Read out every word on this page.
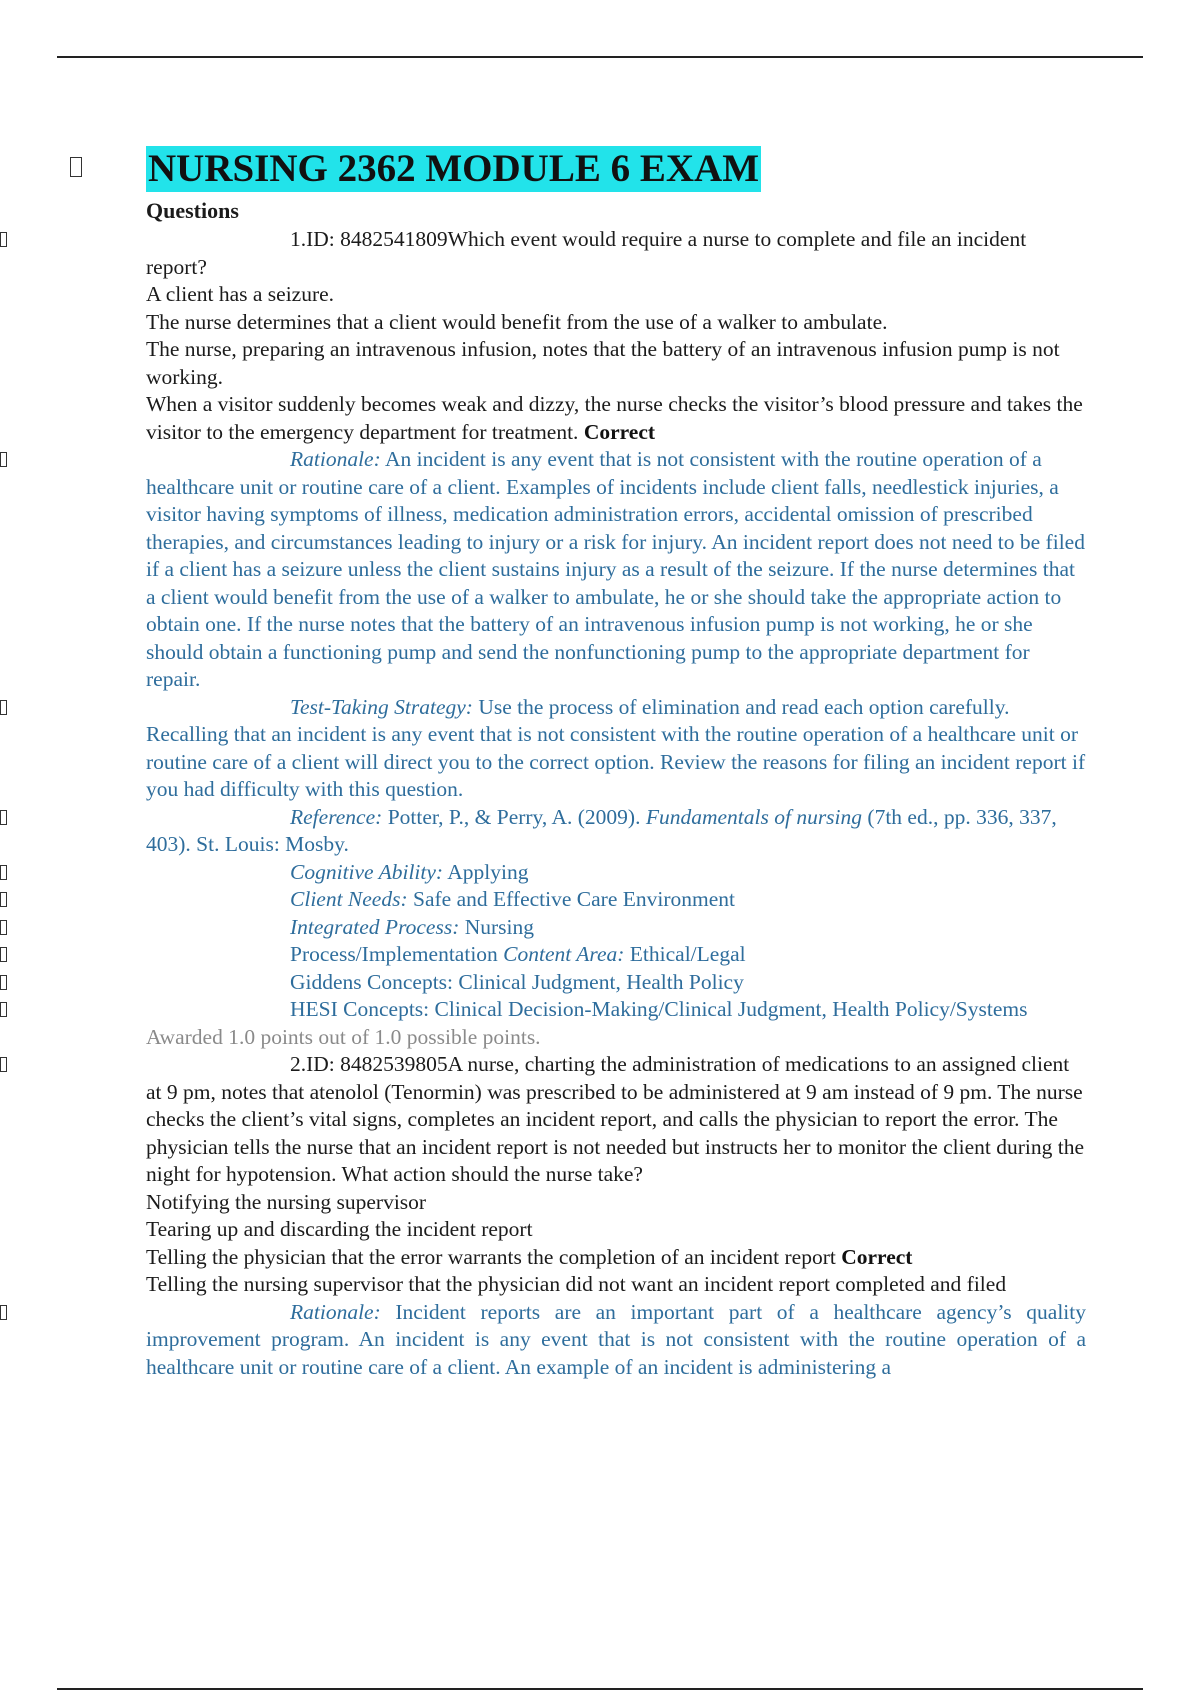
NURSING 2362 MODULE 6 EXAM
Questions

1.ID: 8482541809Which event would require a nurse to complete and file an incident report?

A client has a seizure.

The nurse determines that a client would benefit from the use of a walker to ambulate.

The nurse, preparing an intravenous infusion, notes that the battery of an intravenous infusion pump is not working.

When a visitor suddenly becomes weak and dizzy, the nurse checks the visitor’s blood pressure and takes the visitor to the emergency department for treatment. Correct

Rationale: An incident is any event that is not consistent with the routine operation of a healthcare unit or routine care of a client. Examples of incidents include client falls, needlestick injuries, a visitor having symptoms of illness, medication administration errors, accidental omission of prescribed therapies, and circumstances leading to injury or a risk for injury. An incident report does not need to be filed if a client has a seizure unless the client sustains injury as a result of the seizure. If the nurse determines that a client would benefit from the use of a walker to ambulate, he or she should take the appropriate action to obtain one. If the nurse notes that the battery of an intravenous infusion pump is not working, he or she should obtain a functioning pump and send the nonfunctioning pump to the appropriate department for repair.

Test-Taking Strategy: Use the process of elimination and read each option carefully. Recalling that an incident is any event that is not consistent with the routine operation of a healthcare unit or routine care of a client will direct you to the correct option. Review the reasons for filing an incident report if you had difficulty with this question.

Reference: Potter, P., & Perry, A. (2009). Fundamentals of nursing (7th ed., pp. 336, 337, 403). St. Louis: Mosby.

Cognitive Ability: Applying

Client Needs: Safe and Effective Care Environment

Integrated Process: Nursing

Process/Implementation Content Area: Ethical/Legal

Giddens Concepts: Clinical Judgment, Health Policy

HESI Concepts: Clinical Decision-Making/Clinical Judgment, Health Policy/Systems Awarded 1.0 points out of 1.0 possible points.

2.ID: 8482539805A nurse, charting the administration of medications to an assigned client at 9 pm, notes that atenolol (Tenormin) was prescribed to be administered at 9 am instead of 9 pm. The nurse checks the client’s vital signs, completes an incident report, and calls the physician to report the error. The physician tells the nurse that an incident report is not needed but instructs her to monitor the client during the night for hypotension. What action should the nurse take?

Notifying the nursing supervisor

Tearing up and discarding the incident report

Telling the physician that the error warrants the completion of an incident report Correct

Telling the nursing supervisor that the physician did not want an incident report completed and filed

Rationale: Incident reports are an important part of a healthcare agency’s quality improvement program. An incident is any event that is not consistent with the routine operation of a healthcare unit or routine care of a client. An example of an incident is administering a
